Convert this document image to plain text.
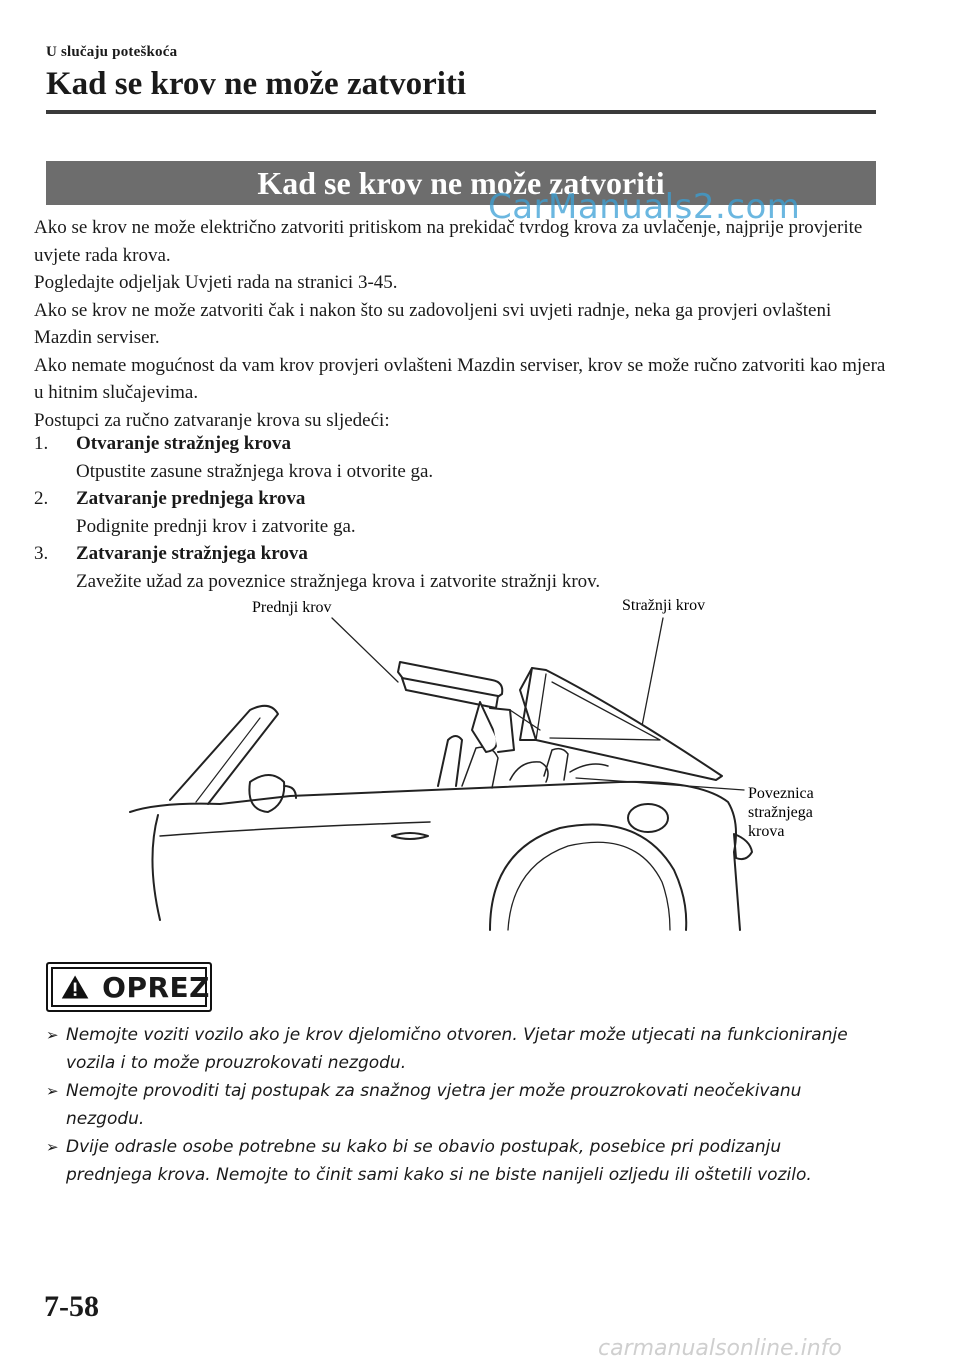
U slučaju poteškoća
Kad se krov ne može zatvoriti
Kad se krov ne može zatvoriti
CarManuals2.com

Ako se krov ne može električno zatvoriti pritiskom na prekidač tvrdog krova za uvlačenje, najprije provjerite uvjete rada krova.

Pogledajte odjeljak Uvjeti rada na stranici 3-45.

Ako se krov ne može zatvoriti čak i nakon što su zadovoljeni svi uvjeti radnje, neka ga provjeri ovlašteni Mazdin serviser.

Ako nemate mogućnost da vam krov provjeri ovlašteni Mazdin serviser, krov se može ručno zatvoriti kao mjera u hitnim slučajevima.

Postupci za ručno zatvaranje krova su sljedeći:

1.	Otvaranje stražnjeg krova
Otpustite zasune stražnjega krova i otvorite ga.
2.	Zatvaranje prednjega krova
Podignite prednji krov i zatvorite ga.
3.	Zatvaranje stražnjega krova
Zavežite užad za poveznice stražnjega krova i zatvorite stražnji krov.
Prednji krov	Stražnji krov
Poveznica
stražnjega
krova
OPREZ
➢ Nemojte voziti vozilo ako je krov djelomično otvoren. Vjetar može utjecati na funkcioniranje vozila i to može prouzrokovati nezgodu.
➢ Nemojte provoditi taj postupak za snažnog vjetra jer može prouzrokovati neočekivanu nezgodu.
➢ Dvije odrasle osobe potrebne su kako bi se obavio postupak, posebice pri podizanju prednjega krova. Nemojte to činit sami kako si ne biste nanijeli ozljedu ili oštetili vozilo.
7-58
carmanualsonline.info
